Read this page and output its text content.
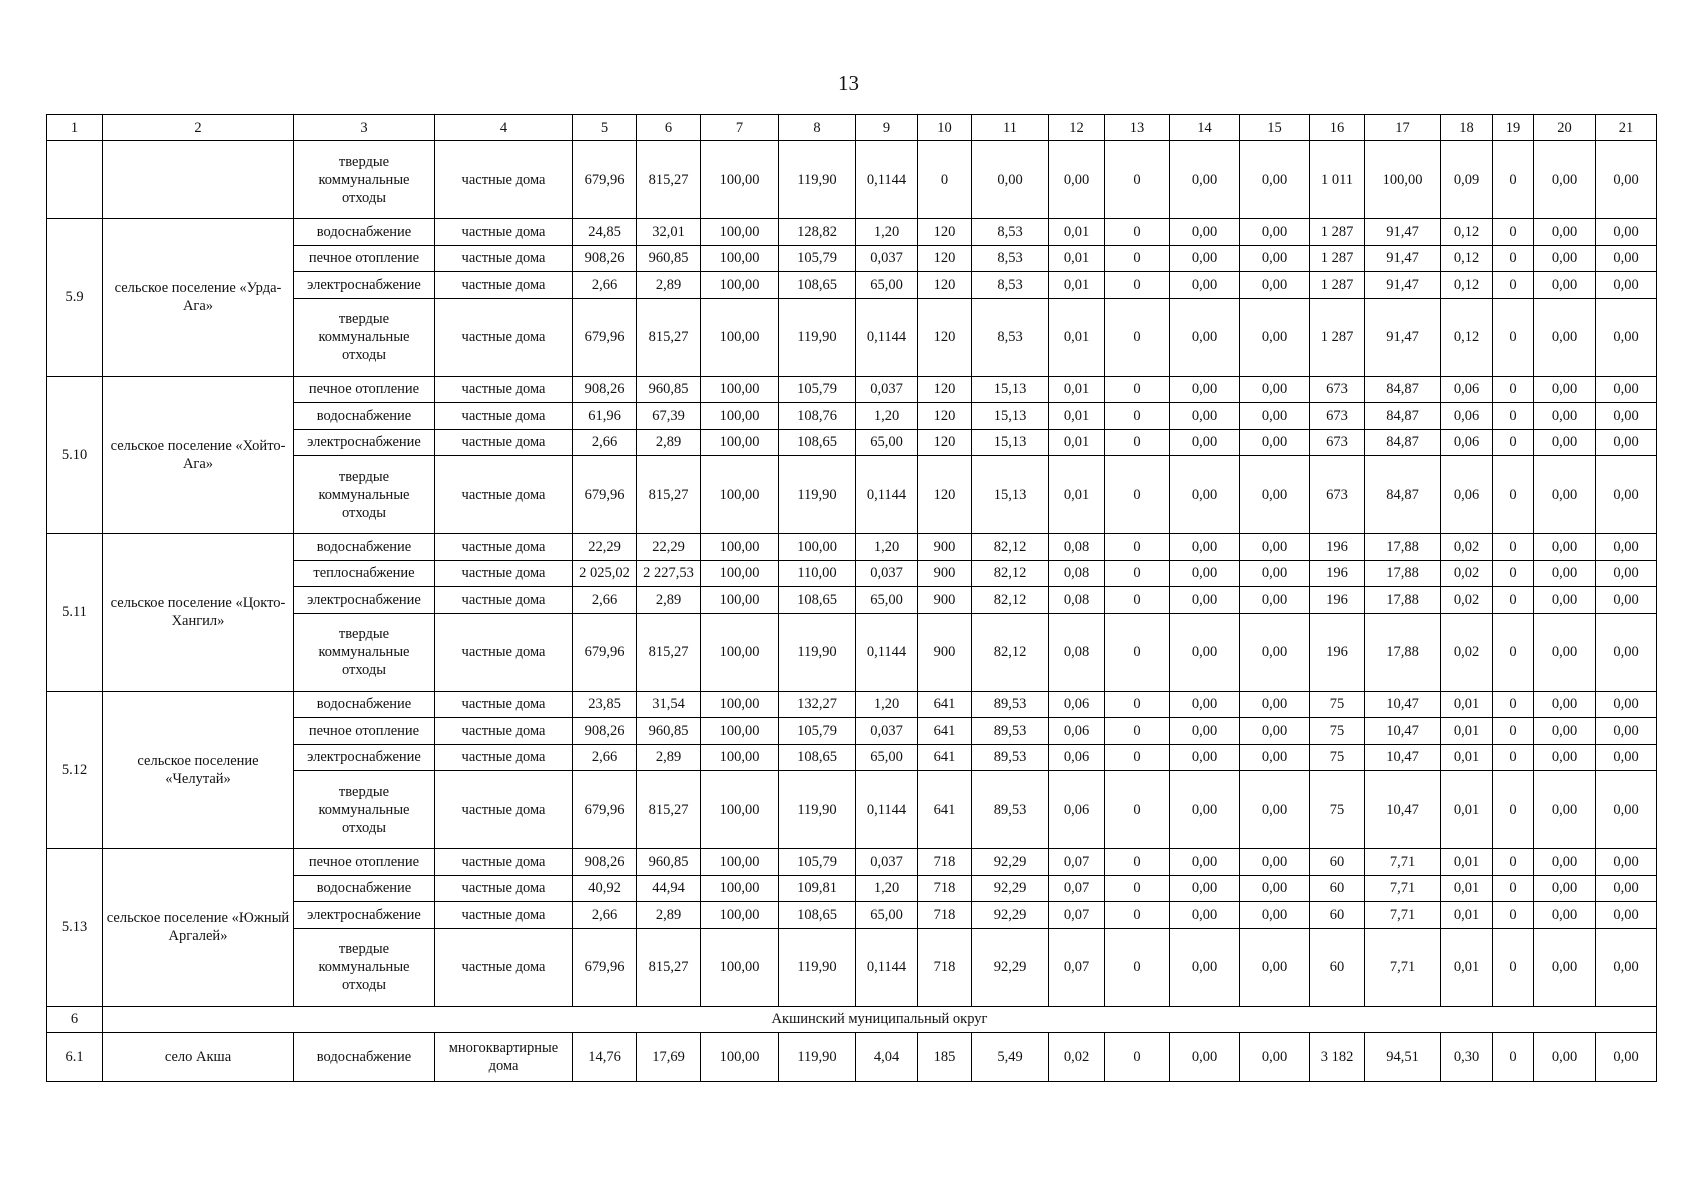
13
1	2	3	4	5	6	7	8	9	10	11	12	13	14	15	16	17	18	19	20	21
		твердые коммунальные отходы	частные дома	679,96	815,27	100,00	119,90	0,1144	0	0,00	0,00	0	0,00	0,00	1 011	100,00	0,09	0	0,00	0,00
5.9	сельское поселение «Урда-Ага»	водоснабжение	частные дома	24,85	32,01	100,00	128,82	1,20	120	8,53	0,01	0	0,00	0,00	1 287	91,47	0,12	0	0,00	0,00
		печное отопление	частные дома	908,26	960,85	100,00	105,79	0,037	120	8,53	0,01	0	0,00	0,00	1 287	91,47	0,12	0	0,00	0,00
		электроснабжение	частные дома	2,66	2,89	100,00	108,65	65,00	120	8,53	0,01	0	0,00	0,00	1 287	91,47	0,12	0	0,00	0,00
		твердые коммунальные отходы	частные дома	679,96	815,27	100,00	119,90	0,1144	120	8,53	0,01	0	0,00	0,00	1 287	91,47	0,12	0	0,00	0,00
5.10	сельское поселение «Хойто-Ага»	печное отопление	частные дома	908,26	960,85	100,00	105,79	0,037	120	15,13	0,01	0	0,00	0,00	673	84,87	0,06	0	0,00	0,00
		водоснабжение	частные дома	61,96	67,39	100,00	108,76	1,20	120	15,13	0,01	0	0,00	0,00	673	84,87	0,06	0	0,00	0,00
		электроснабжение	частные дома	2,66	2,89	100,00	108,65	65,00	120	15,13	0,01	0	0,00	0,00	673	84,87	0,06	0	0,00	0,00
		твердые коммунальные отходы	частные дома	679,96	815,27	100,00	119,90	0,1144	120	15,13	0,01	0	0,00	0,00	673	84,87	0,06	0	0,00	0,00
5.11	сельское поселение «Цокто-Хангил»	водоснабжение	частные дома	22,29	22,29	100,00	100,00	1,20	900	82,12	0,08	0	0,00	0,00	196	17,88	0,02	0	0,00	0,00
		теплоснабжение	частные дома	2 025,02	2 227,53	100,00	110,00	0,037	900	82,12	0,08	0	0,00	0,00	196	17,88	0,02	0	0,00	0,00
		электроснабжение	частные дома	2,66	2,89	100,00	108,65	65,00	900	82,12	0,08	0	0,00	0,00	196	17,88	0,02	0	0,00	0,00
		твердые коммунальные отходы	частные дома	679,96	815,27	100,00	119,90	0,1144	900	82,12	0,08	0	0,00	0,00	196	17,88	0,02	0	0,00	0,00
5.12	сельское поселение «Челутай»	водоснабжение	частные дома	23,85	31,54	100,00	132,27	1,20	641	89,53	0,06	0	0,00	0,00	75	10,47	0,01	0	0,00	0,00
		печное отопление	частные дома	908,26	960,85	100,00	105,79	0,037	641	89,53	0,06	0	0,00	0,00	75	10,47	0,01	0	0,00	0,00
		электроснабжение	частные дома	2,66	2,89	100,00	108,65	65,00	641	89,53	0,06	0	0,00	0,00	75	10,47	0,01	0	0,00	0,00
		твердые коммунальные отходы	частные дома	679,96	815,27	100,00	119,90	0,1144	641	89,53	0,06	0	0,00	0,00	75	10,47	0,01	0	0,00	0,00
5.13	сельское поселение «Южный Аргалей»	печное отопление	частные дома	908,26	960,85	100,00	105,79	0,037	718	92,29	0,07	0	0,00	0,00	60	7,71	0,01	0	0,00	0,00
		водоснабжение	частные дома	40,92	44,94	100,00	109,81	1,20	718	92,29	0,07	0	0,00	0,00	60	7,71	0,01	0	0,00	0,00
		электроснабжение	частные дома	2,66	2,89	100,00	108,65	65,00	718	92,29	0,07	0	0,00	0,00	60	7,71	0,01	0	0,00	0,00
		твердые коммунальные отходы	частные дома	679,96	815,27	100,00	119,90	0,1144	718	92,29	0,07	0	0,00	0,00	60	7,71	0,01	0	0,00	0,00
6	Акшинский муниципальный округ																			
6.1	село Акша	водоснабжение	многоквартирные дома	14,76	17,69	100,00	119,90	4,04	185	5,49	0,02	0	0,00	0,00	3 182	94,51	0,30	0	0,00	0,00
